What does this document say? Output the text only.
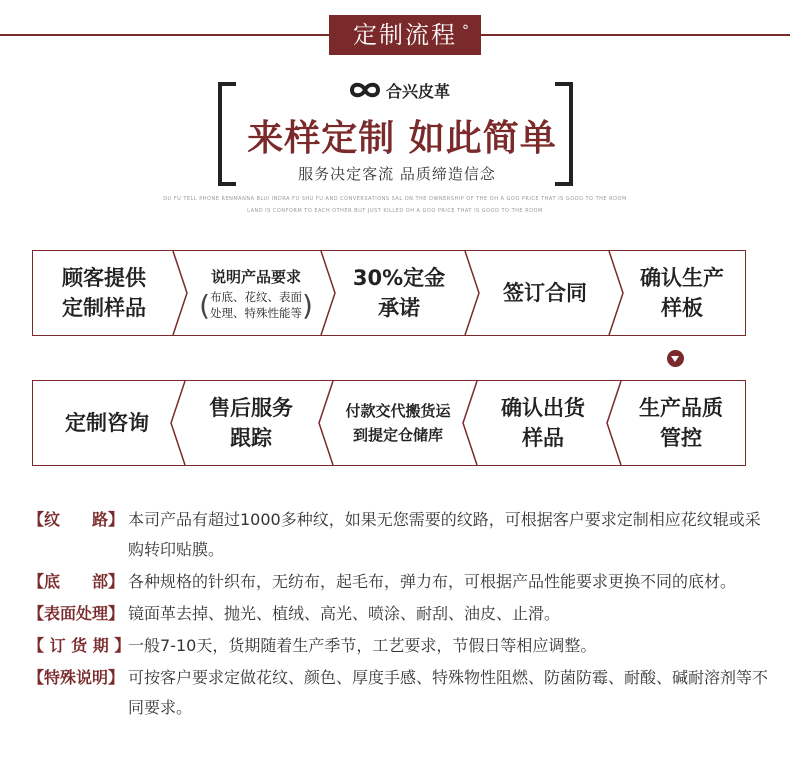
定制流程 °
合兴皮革
来样定制 如此简单
服务决定客流 品质缔造信念
DU FU TELL PHONE RENMANNA BLUI INDRA FU SHU FU AND CONVERSATIONS SAL ON THE OWNERSHIP OF THE OH A GOO PRICE THAT IS GOOD TO THE ROOM
LAND IS CONFORM TO EACH OTHER BUT JUST KILLED OH A GOO PRICE THAT IS GOOD TO THE ROOM
顾客提供
定制样品
说明产品要求
( 布底、花纹、表面
处理、特殊性能等 )
30%定金
承诺
签订合同
确认生产
样板
定制咨询
售后服务
跟踪
付款交代搬货运
到提定仓储库
确认出货
样品
生产品质
管控
【纹　　路】 本司产品有超过1000多种纹，如果无您需要的纹路，可根据客户要求定制相应花纹辊或采购转印贴膜。
【底　　部】 各种规格的针织布，无纺布，起毛布，弹力布，可根据产品性能要求更换不同的底材。
【表面处理】 镜面革去掉、抛光、植绒、高光、喷涂、耐刮、油皮、止滑。
【 订 货 期 】
一般7-10天，货期随着生产季节，工艺要求，节假日等相应调整。
【特殊说明】 可按客户要求定做花纹、颜色、厚度手感、特殊物性阻燃、防菌防霉、耐酸、碱耐溶剂等不同要求。
